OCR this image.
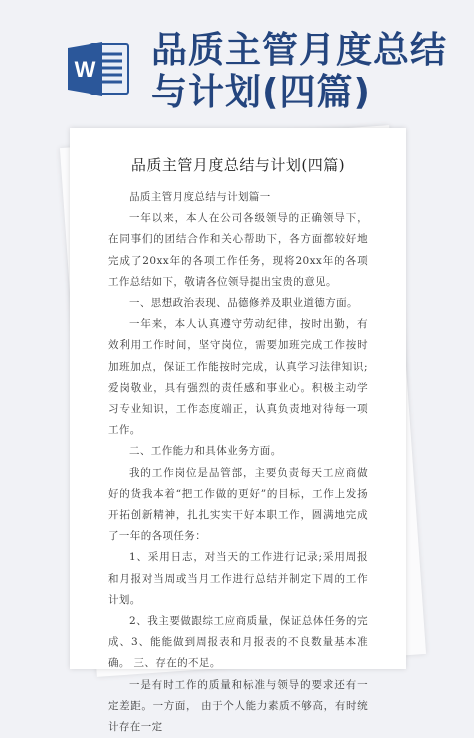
W 品质主管月度总结
与计划(四篇)
品质主管月度总结与计划(四篇)

品质主管月度总结与计划篇一

一年以来，本人在公司各级领导的正确领导下，在同事们的团结合作和关心帮助下，各方面都较好地完成了20xx年的各项工作任务，现将20xx年的各项工作总结如下，敬请各位领导提出宝贵的意见。

一、思想政治表现、品德修养及职业道德方面。

一年来，本人认真遵守劳动纪律，按时出勤，有效利用工作时间，坚守岗位，需要加班完成工作按时加班加点，保证工作能按时完成，认真学习法律知识;爱岗敬业，具有强烈的责任感和事业心。积极主动学习专业知识，工作态度端正，认真负责地对待每一项工作。

二、工作能力和具体业务方面。

我的工作岗位是品管部，主要负责每天工应商做好的货我本着“把工作做的更好”的目标，工作上发扬开拓创新精神，扎扎实实干好本职工作，圆满地完成了一年的各项任务：

1、采用日志，对当天的工作进行记录;采用周报和月报对当周或当月工作进行总结并制定下周的工作计划。

2、我主要做跟综工应商质量，保证总体任务的完成、3、能能做到周报表和月报表的不良数量基本准确。 三、存在的不足。

一是有时工作的质量和标准与领导的要求还有一定差距。一方面， 由于个人能力素质不够高，有时统计存在一定
